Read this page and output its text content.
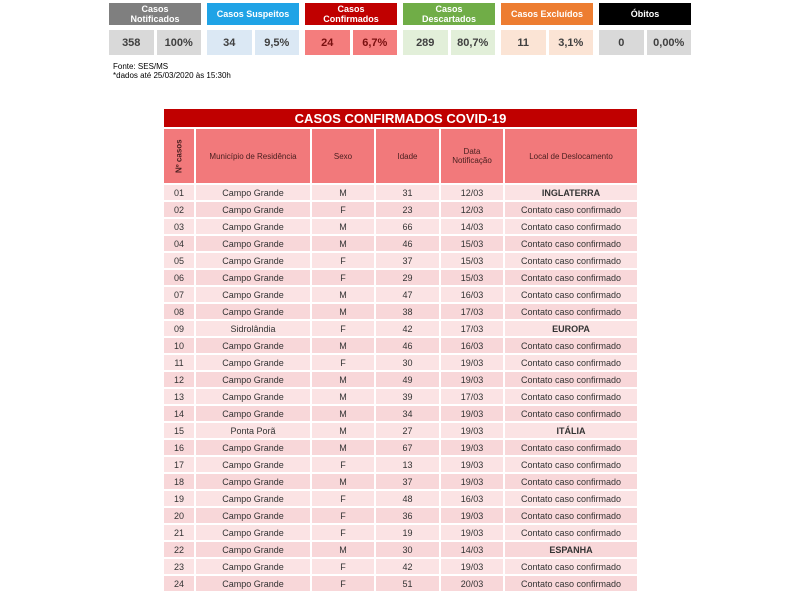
Casos
Notificados
358	100%
Casos Suspeitos
34	9,5%
Casos
Confirmados
24	6,7%
Casos
Descartados
289	80,7%
Casos Excluídos
11	3,1%
Óbitos
0	0,00%
Fonte: SES/MS
*dados até 25/03/2020 às 15:30h
CASOS CONFIRMADOS COVID-19					
Nº casos	Município de Residência	Sexo	Idade	Data Notificação	Local de Deslocamento
01	Campo Grande	M	31	12/03	INGLATERRA
02	Campo Grande	F	23	12/03	Contato caso confirmado
03	Campo Grande	M	66	14/03	Contato caso confirmado
04	Campo Grande	M	46	15/03	Contato caso confirmado
05	Campo Grande	F	37	15/03	Contato caso confirmado
06	Campo Grande	F	29	15/03	Contato caso confirmado
07	Campo Grande	M	47	16/03	Contato caso confirmado
08	Campo Grande	M	38	17/03	Contato caso confirmado
09	Sidrolândia	F	42	17/03	EUROPA
10	Campo Grande	M	46	16/03	Contato caso confirmado
11	Campo Grande	F	30	19/03	Contato caso confirmado
12	Campo Grande	M	49	19/03	Contato caso confirmado
13	Campo Grande	M	39	17/03	Contato caso confirmado
14	Campo Grande	M	34	19/03	Contato caso confirmado
15	Ponta Porã	M	27	19/03	ITÁLIA
16	Campo Grande	M	67	19/03	Contato caso confirmado
17	Campo Grande	F	13	19/03	Contato caso confirmado
18	Campo Grande	M	37	19/03	Contato caso confirmado
19	Campo Grande	F	48	16/03	Contato caso confirmado
20	Campo Grande	F	36	19/03	Contato caso confirmado
21	Campo Grande	F	19	19/03	Contato caso confirmado
22	Campo Grande	M	30	14/03	ESPANHA
23	Campo Grande	F	42	19/03	Contato caso confirmado
24	Campo Grande	F	51	20/03	Contato caso confirmado
